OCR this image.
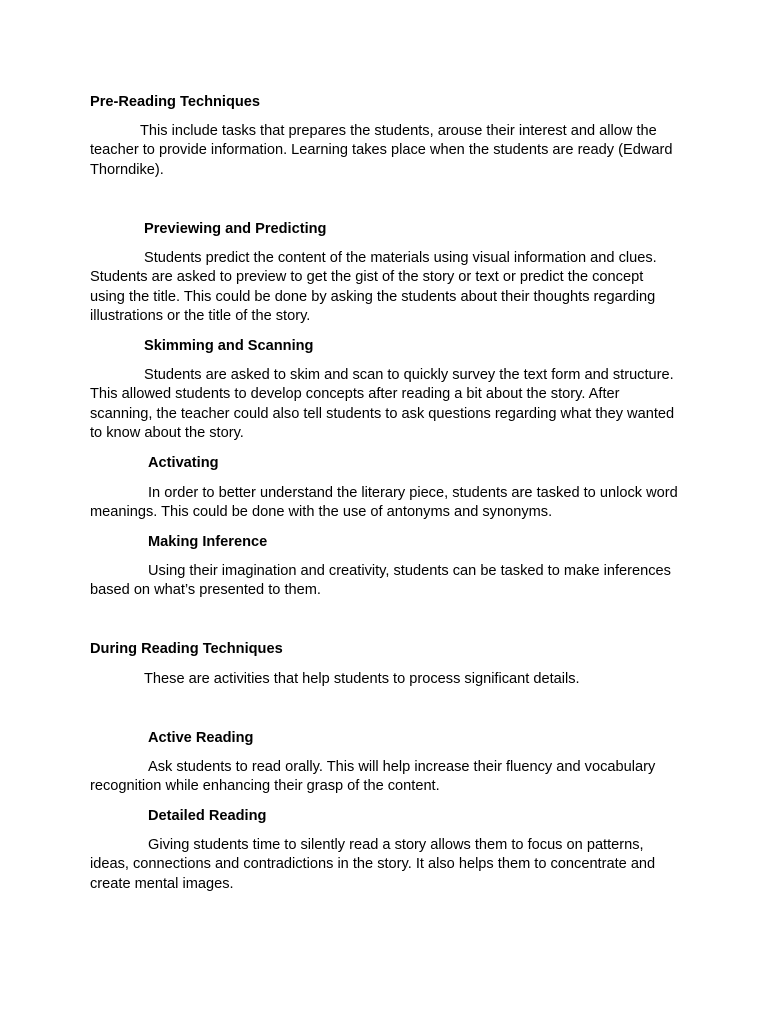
Pre-Reading Techniques

This include tasks that prepares the students, arouse their interest and allow the teacher to provide information. Learning takes place when the students are ready (Edward Thorndike).

Previewing and Predicting

Students predict the content of the materials using visual information and clues. Students are asked to preview to get the gist of the story or text or predict the concept using the title. This could be done by asking the students about their thoughts regarding illustrations or the title of the story.

Skimming and Scanning

Students are asked to skim and scan to quickly survey the text form and structure. This allowed students to develop concepts after reading a bit about the story. After scanning, the teacher could also tell students to ask questions regarding what they wanted to know about the story.

Activating

In order to better understand the literary piece, students are tasked to unlock word meanings. This could be done with the use of antonyms and synonyms.

Making Inference

Using their imagination and creativity, students can be tasked to make inferences based on what’s presented to them.

During Reading Techniques

These are activities that help students to process significant details.

Active Reading

Ask students to read orally. This will help increase their fluency and vocabulary recognition while enhancing their grasp of the content.

Detailed Reading

Giving students time to silently read a story allows them to focus on patterns, ideas, connections and contradictions in the story. It also helps them to concentrate and create mental images.
